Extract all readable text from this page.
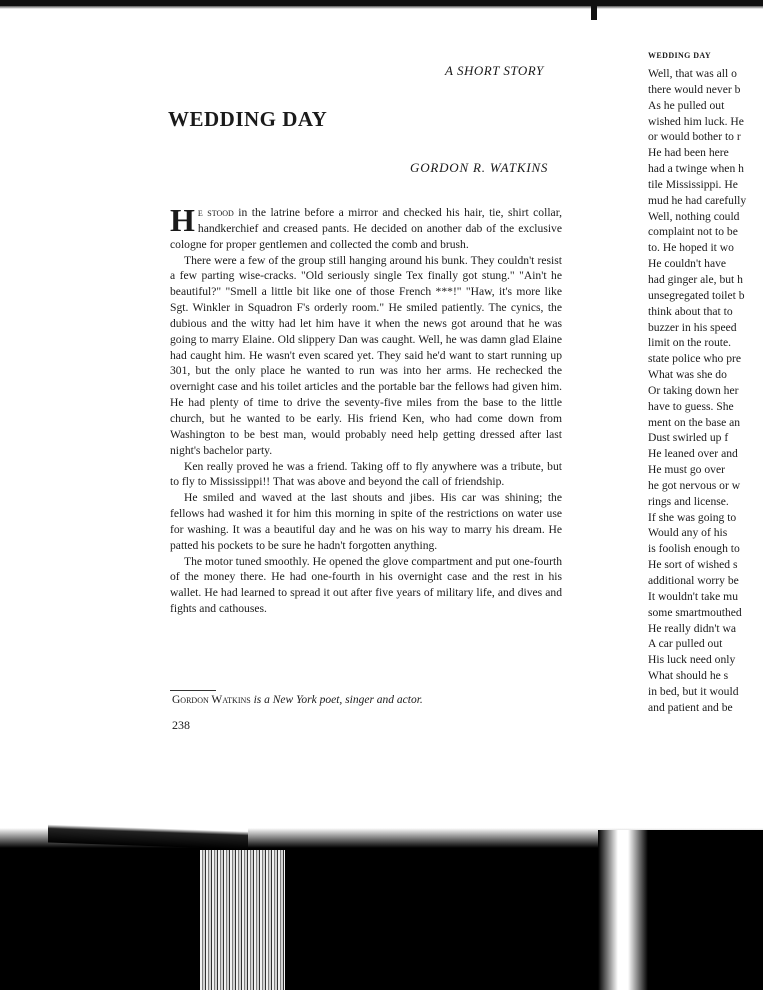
A SHORT STORY
WEDDING DAY
GORDON R. WATKINS

He stood in the latrine before a mirror and checked his hair, tie, shirt collar, handkerchief and creased pants. He decided on another dab of the exclusive cologne for proper gentlemen and collected the comb and brush.

There were a few of the group still hanging around his bunk. They couldn't resist a few parting wise-cracks. "Old seriously single Tex finally got stung." "Ain't he beautiful?" "Smell a little bit like one of those French ***!" "Haw, it's more like Sgt. Winkler in Squadron F's orderly room." He smiled patiently. The cynics, the dubious and the witty had let him have it when the news got around that he was going to marry Elaine. Old slippery Dan was caught. Well, he was damn glad Elaine had caught him. He wasn't even scared yet. They said he'd want to start running up 301, but the only place he wanted to run was into her arms. He rechecked the overnight case and his toilet articles and the portable bar the fellows had given him. He had plenty of time to drive the seventy-five miles from the base to the little church, but he wanted to be early. His friend Ken, who had come down from Washington to be best man, would probably need help getting dressed after last night's bachelor party.

Ken really proved he was a friend. Taking off to fly anywhere was a tribute, but to fly to Mississippi!! That was above and beyond the call of friendship.

He smiled and waved at the last shouts and jibes. His car was shining; the fellows had washed it for him this morning in spite of the restrictions on water use for washing. It was a beautiful day and he was on his way to marry his dream. He patted his pockets to be sure he hadn't forgotten anything.

The motor tuned smoothly. He opened the glove compartment and put one-fourth of the money there. He had one-fourth in his overnight case and the rest in his wallet. He had learned to spread it out after five years of military life, and dives and fights and cathouses.

Gordon Watkins is a New York poet, singer and actor.
238
WEDDING DAY
Well, that was all o
there would never b
As he pulled out
wished him luck. He
or would bother to r
He had been here
had a twinge when h
tile Mississippi. He
mud he had carefully
Well, nothing could
complaint not to be
to. He hoped it wo
He couldn't have
had ginger ale, but h
unsegregated toilet b
think about that to
buzzer in his speed
limit on the route.
state police who pre
What was she do
Or taking down her
have to guess. She
ment on the base an
Dust swirled up f
He leaned over and
He must go over
he got nervous or w
rings and license.
If she was going to
Would any of his
is foolish enough to
He sort of wished s
additional worry be
It wouldn't take mu
some smartmouthed
He really didn't wa
A car pulled out
His luck need only
What should he s
in bed, but it would
and patient and be
